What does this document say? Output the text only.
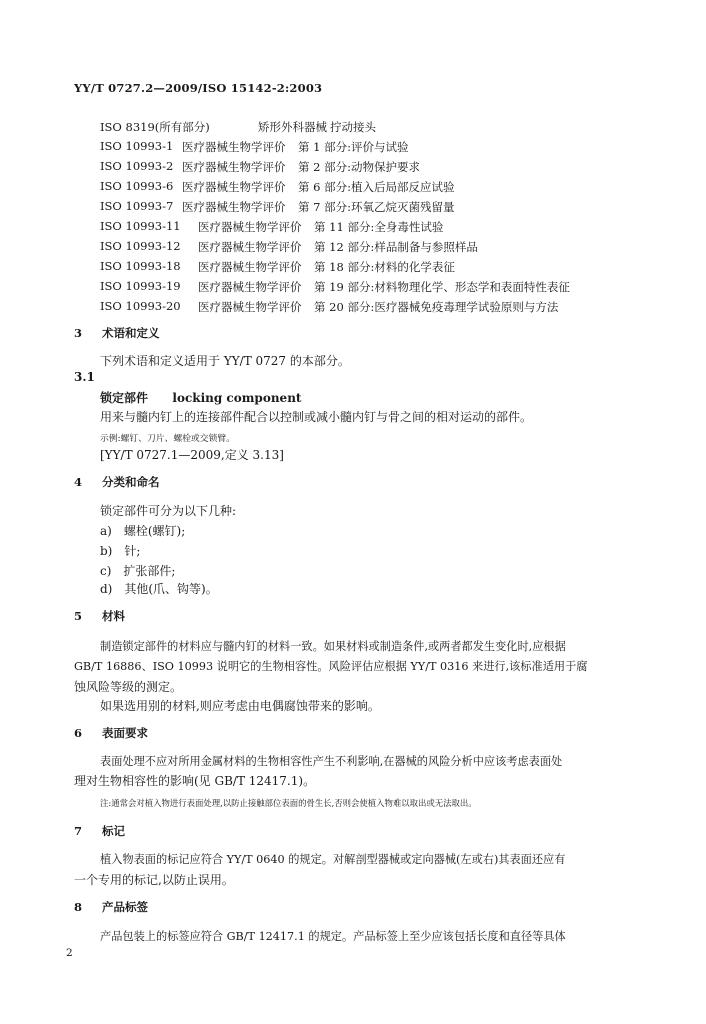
YY/T 0727.2—2009/ISO 15142-2:2003
ISO 8319(所有部分)	矫形外科器械 拧动接头
ISO 10993-1 医疗器械生物学评价 第 1 部分:评价与试验
ISO 10993-2 医疗器械生物学评价 第 2 部分:动物保护要求
ISO 10993-6 医疗器械生物学评价 第 6 部分:植入后局部反应试验
ISO 10993-7 医疗器械生物学评价 第 7 部分:环氧乙烷灭菌残留量
ISO 10993-11 医疗器械生物学评价 第 11 部分:全身毒性试验
ISO 10993-12 医疗器械生物学评价 第 12 部分:样品制备与参照样品
ISO 10993-18 医疗器械生物学评价 第 18 部分:材料的化学表征
ISO 10993-19 医疗器械生物学评价 第 19 部分:材料物理化学、形态学和表面特性表征
ISO 10993-20 医疗器械生物学评价 第 20 部分:医疗器械免疫毒理学试验原则与方法
3 术语和定义
下列术语和定义适用于 YY/T 0727 的本部分。
3.1
锁定部件 locking component
用来与髓内钉上的连接部件配合以控制或减小髓内钉与骨之间的相对运动的部件。
示例:螺钉、刀片、螺栓或交锁臂。
[YY/T 0727.1—2009,定义 3.13]
4 分类和命名
锁定部件可分为以下几种:
a)　螺栓(螺钉);
b)　针;
c)　扩张部件;
d)　其他(爪、钩等)。
5 材料
制造锁定部件的材料应与髓内钉的材料一致。如果材料或制造条件,或两者都发生变化时,应根据
GB/T 16886、ISO 10993 说明它的生物相容性。风险评估应根据 YY/T 0316 来进行,该标准适用于腐
蚀风险等级的测定。
如果选用别的材料,则应考虑由电偶腐蚀带来的影响。
6 表面要求
表面处理不应对所用金属材料的生物相容性产生不利影响,在器械的风险分析中应该考虑表面处
理对生物相容性的影响(见 GB/T 12417.1)。
注:通常会对植入物进行表面处理,以防止接触部位表面的骨生长,否则会使植入物难以取出或无法取出。
7 标记
植入物表面的标记应符合 YY/T 0640 的规定。对解剖型器械或定向器械(左或右)其表面还应有
一个专用的标记,以防止误用。
8 产品标签
产品包装上的标签应符合 GB/T 12417.1 的规定。产品标签上至少应该包括长度和直径等具体
2
